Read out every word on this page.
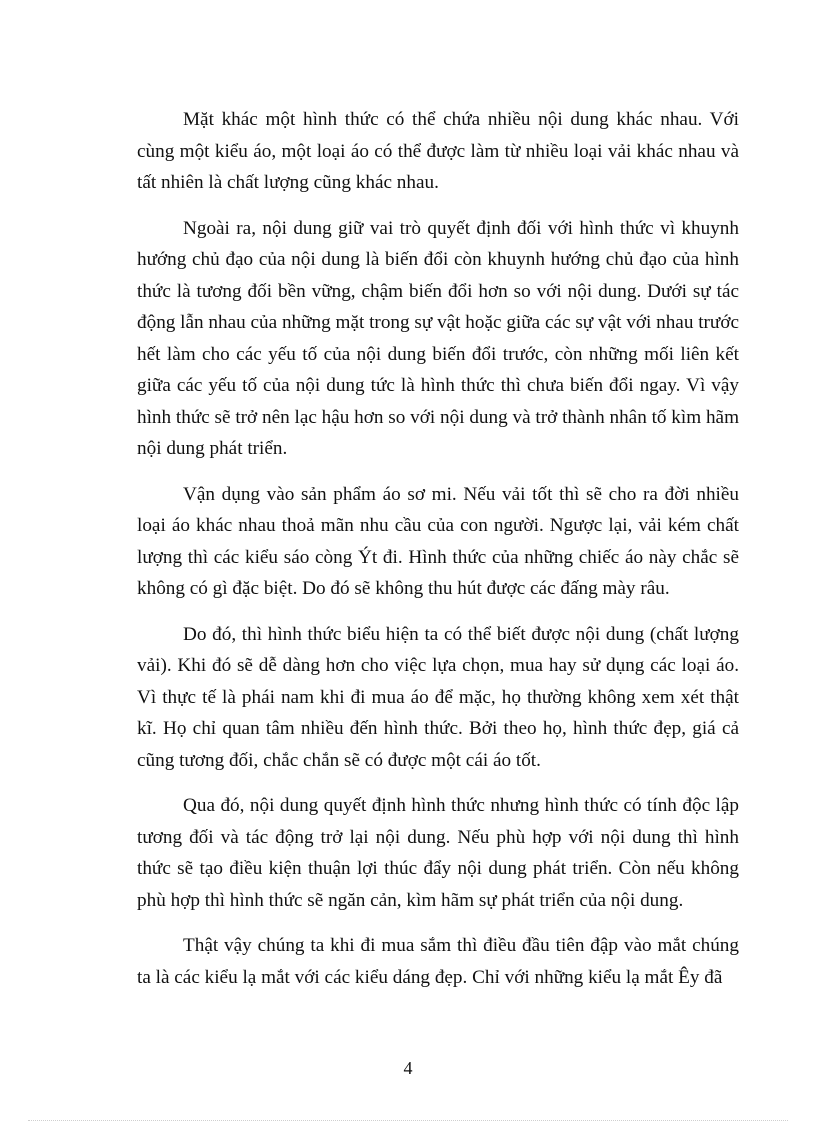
Mặt khác một hình thức có thể chứa nhiều nội dung khác nhau. Với cùng một kiểu áo, một loại áo có thể được làm từ nhiều loại vải khác nhau và tất nhiên là chất lượng cũng khác nhau.

Ngoài ra, nội dung giữ vai trò quyết định đối với hình thức vì khuynh hướng chủ đạo của nội dung là biến đổi còn khuynh hướng chủ đạo của hình thức là tương đối bền vững, chậm biến đổi hơn so với nội dung. Dưới sự tác động lẫn nhau của những mặt trong sự vật hoặc giữa các sự vật với nhau trước hết làm cho các yếu tố của nội dung biến đổi trước, còn những mối liên kết giữa các yếu tố của nội dung tức là hình thức thì chưa biến đổi ngay. Vì vậy hình thức sẽ trở nên lạc hậu hơn so với nội dung và trở thành nhân tố kìm hãm nội dung phát triển.

Vận dụng vào sản phẩm áo sơ mi. Nếu vải tốt thì sẽ cho ra đời nhiều loại áo khác nhau thoả mãn nhu cầu của con người. Ngược lại, vải kém chất lượng thì các kiểu sáo còng Ýt đi. Hình thức của những chiếc áo này chắc sẽ không có gì đặc biệt. Do đó sẽ không thu hút được các đấng mày râu.

Do đó, thì hình thức biểu hiện ta có thể biết được nội dung (chất lượng vải). Khi đó sẽ dễ dàng hơn cho việc lựa chọn, mua hay sử dụng các loại áo. Vì thực tế là phái nam khi đi mua áo để mặc, họ thường không xem xét thật kĩ. Họ chỉ quan tâm nhiều đến hình thức. Bởi theo họ, hình thức đẹp, giá cả cũng tương đối, chắc chắn sẽ có được một cái áo tốt.

Qua đó, nội dung quyết định hình thức nhưng hình thức có tính độc lập tương đối và tác động trở lại nội dung. Nếu phù hợp với nội dung thì hình thức sẽ tạo điều kiện thuận lợi thúc đẩy nội dung phát triển. Còn nếu không phù hợp thì hình thức sẽ ngăn cản, kìm hãm sự phát triển của nội dung.

Thật vậy chúng ta khi đi mua sắm thì điều đầu tiên đập vào mắt chúng ta là các kiểu lạ mắt với các kiểu dáng đẹp. Chỉ với những kiểu lạ mắt Êy đã

4
